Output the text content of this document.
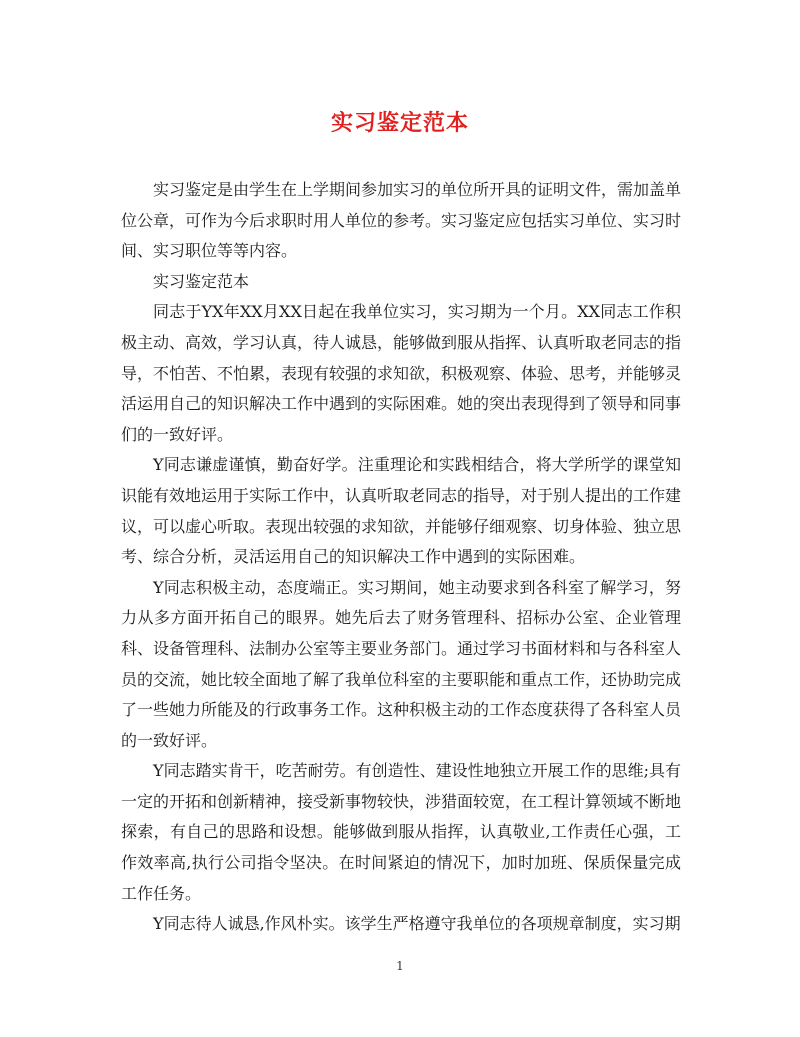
实习鉴定范本

实习鉴定是由学生在上学期间参加实习的单位所开具的证明文件，需加盖单位公章，可作为今后求职时用人单位的参考。实习鉴定应包括实习单位、实习时间、实习职位等等内容。

实习鉴定范本

同志于YX年XX月XX日起在我单位实习，实习期为一个月。XX同志工作积极主动、高效，学习认真，待人诚恳，能够做到服从指挥、认真听取老同志的指导，不怕苦、不怕累，表现有较强的求知欲，积极观察、体验、思考，并能够灵活运用自己的知识解决工作中遇到的实际困难。她的突出表现得到了领导和同事们的一致好评。

Y同志谦虚谨慎，勤奋好学。注重理论和实践相结合，将大学所学的课堂知识能有效地运用于实际工作中，认真听取老同志的指导，对于别人提出的工作建议，可以虚心听取。表现出较强的求知欲，并能够仔细观察、切身体验、独立思考、综合分析，灵活运用自己的知识解决工作中遇到的实际困难。

Y同志积极主动，态度端正。实习期间，她主动要求到各科室了解学习，努力从多方面开拓自己的眼界。她先后去了财务管理科、招标办公室、企业管理科、设备管理科、法制办公室等主要业务部门。通过学习书面材料和与各科室人员的交流，她比较全面地了解了我单位科室的主要职能和重点工作，还协助完成了一些她力所能及的行政事务工作。这种积极主动的工作态度获得了各科室人员的一致好评。

Y同志踏实肯干，吃苦耐劳。有创造性、建设性地独立开展工作的思维;具有一定的开拓和创新精神，接受新事物较快，涉猎面较宽，在工程计算领域不断地探索，有自己的思路和设想。能够做到服从指挥，认真敬业,工作责任心强，工作效率高,执行公司指令坚决。在时间紧迫的情况下，加时加班、保质保量完成工作任务。

Y同志待人诚恳,作风朴实。该学生严格遵守我单位的各项规章制度，实习期

1
